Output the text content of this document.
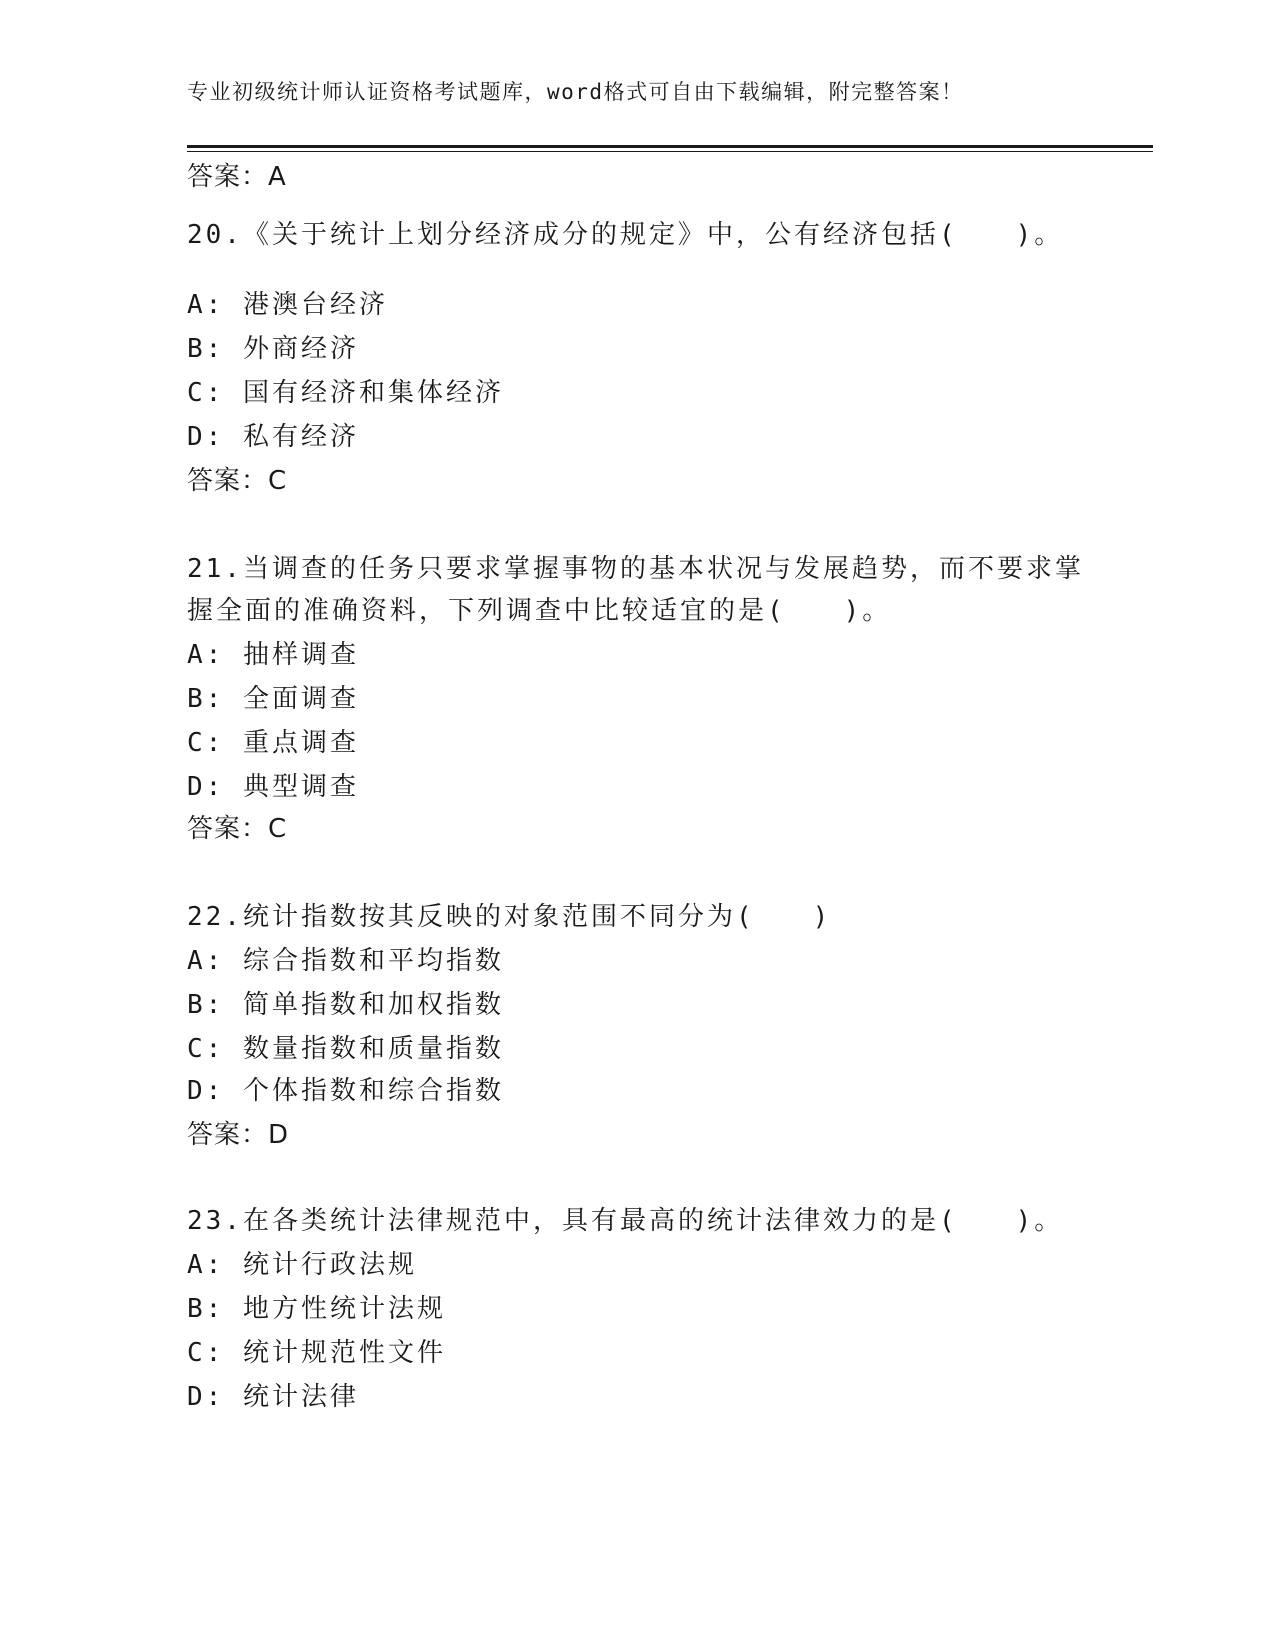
专业初级统计师认证资格考试题库，word格式可自由下载编辑，附完整答案！
答案：A
20.《关于统计上划分经济成分的规定》中，公有经济包括(　　)。
A: 港澳台经济
B: 外商经济
C: 国有经济和集体经济
D: 私有经济
答案：C
21.当调查的任务只要求掌握事物的基本状况与发展趋势，而不要求掌
握全面的准确资料，下列调查中比较适宜的是(　　)。
A: 抽样调查
B: 全面调查
C: 重点调查
D: 典型调查
答案：C
22.统计指数按其反映的对象范围不同分为(　　)
A: 综合指数和平均指数
B: 简单指数和加权指数
C: 数量指数和质量指数
D: 个体指数和综合指数
答案：D
23.在各类统计法律规范中，具有最高的统计法律效力的是(　　)。
A: 统计行政法规
B: 地方性统计法规
C: 统计规范性文件
D: 统计法律
